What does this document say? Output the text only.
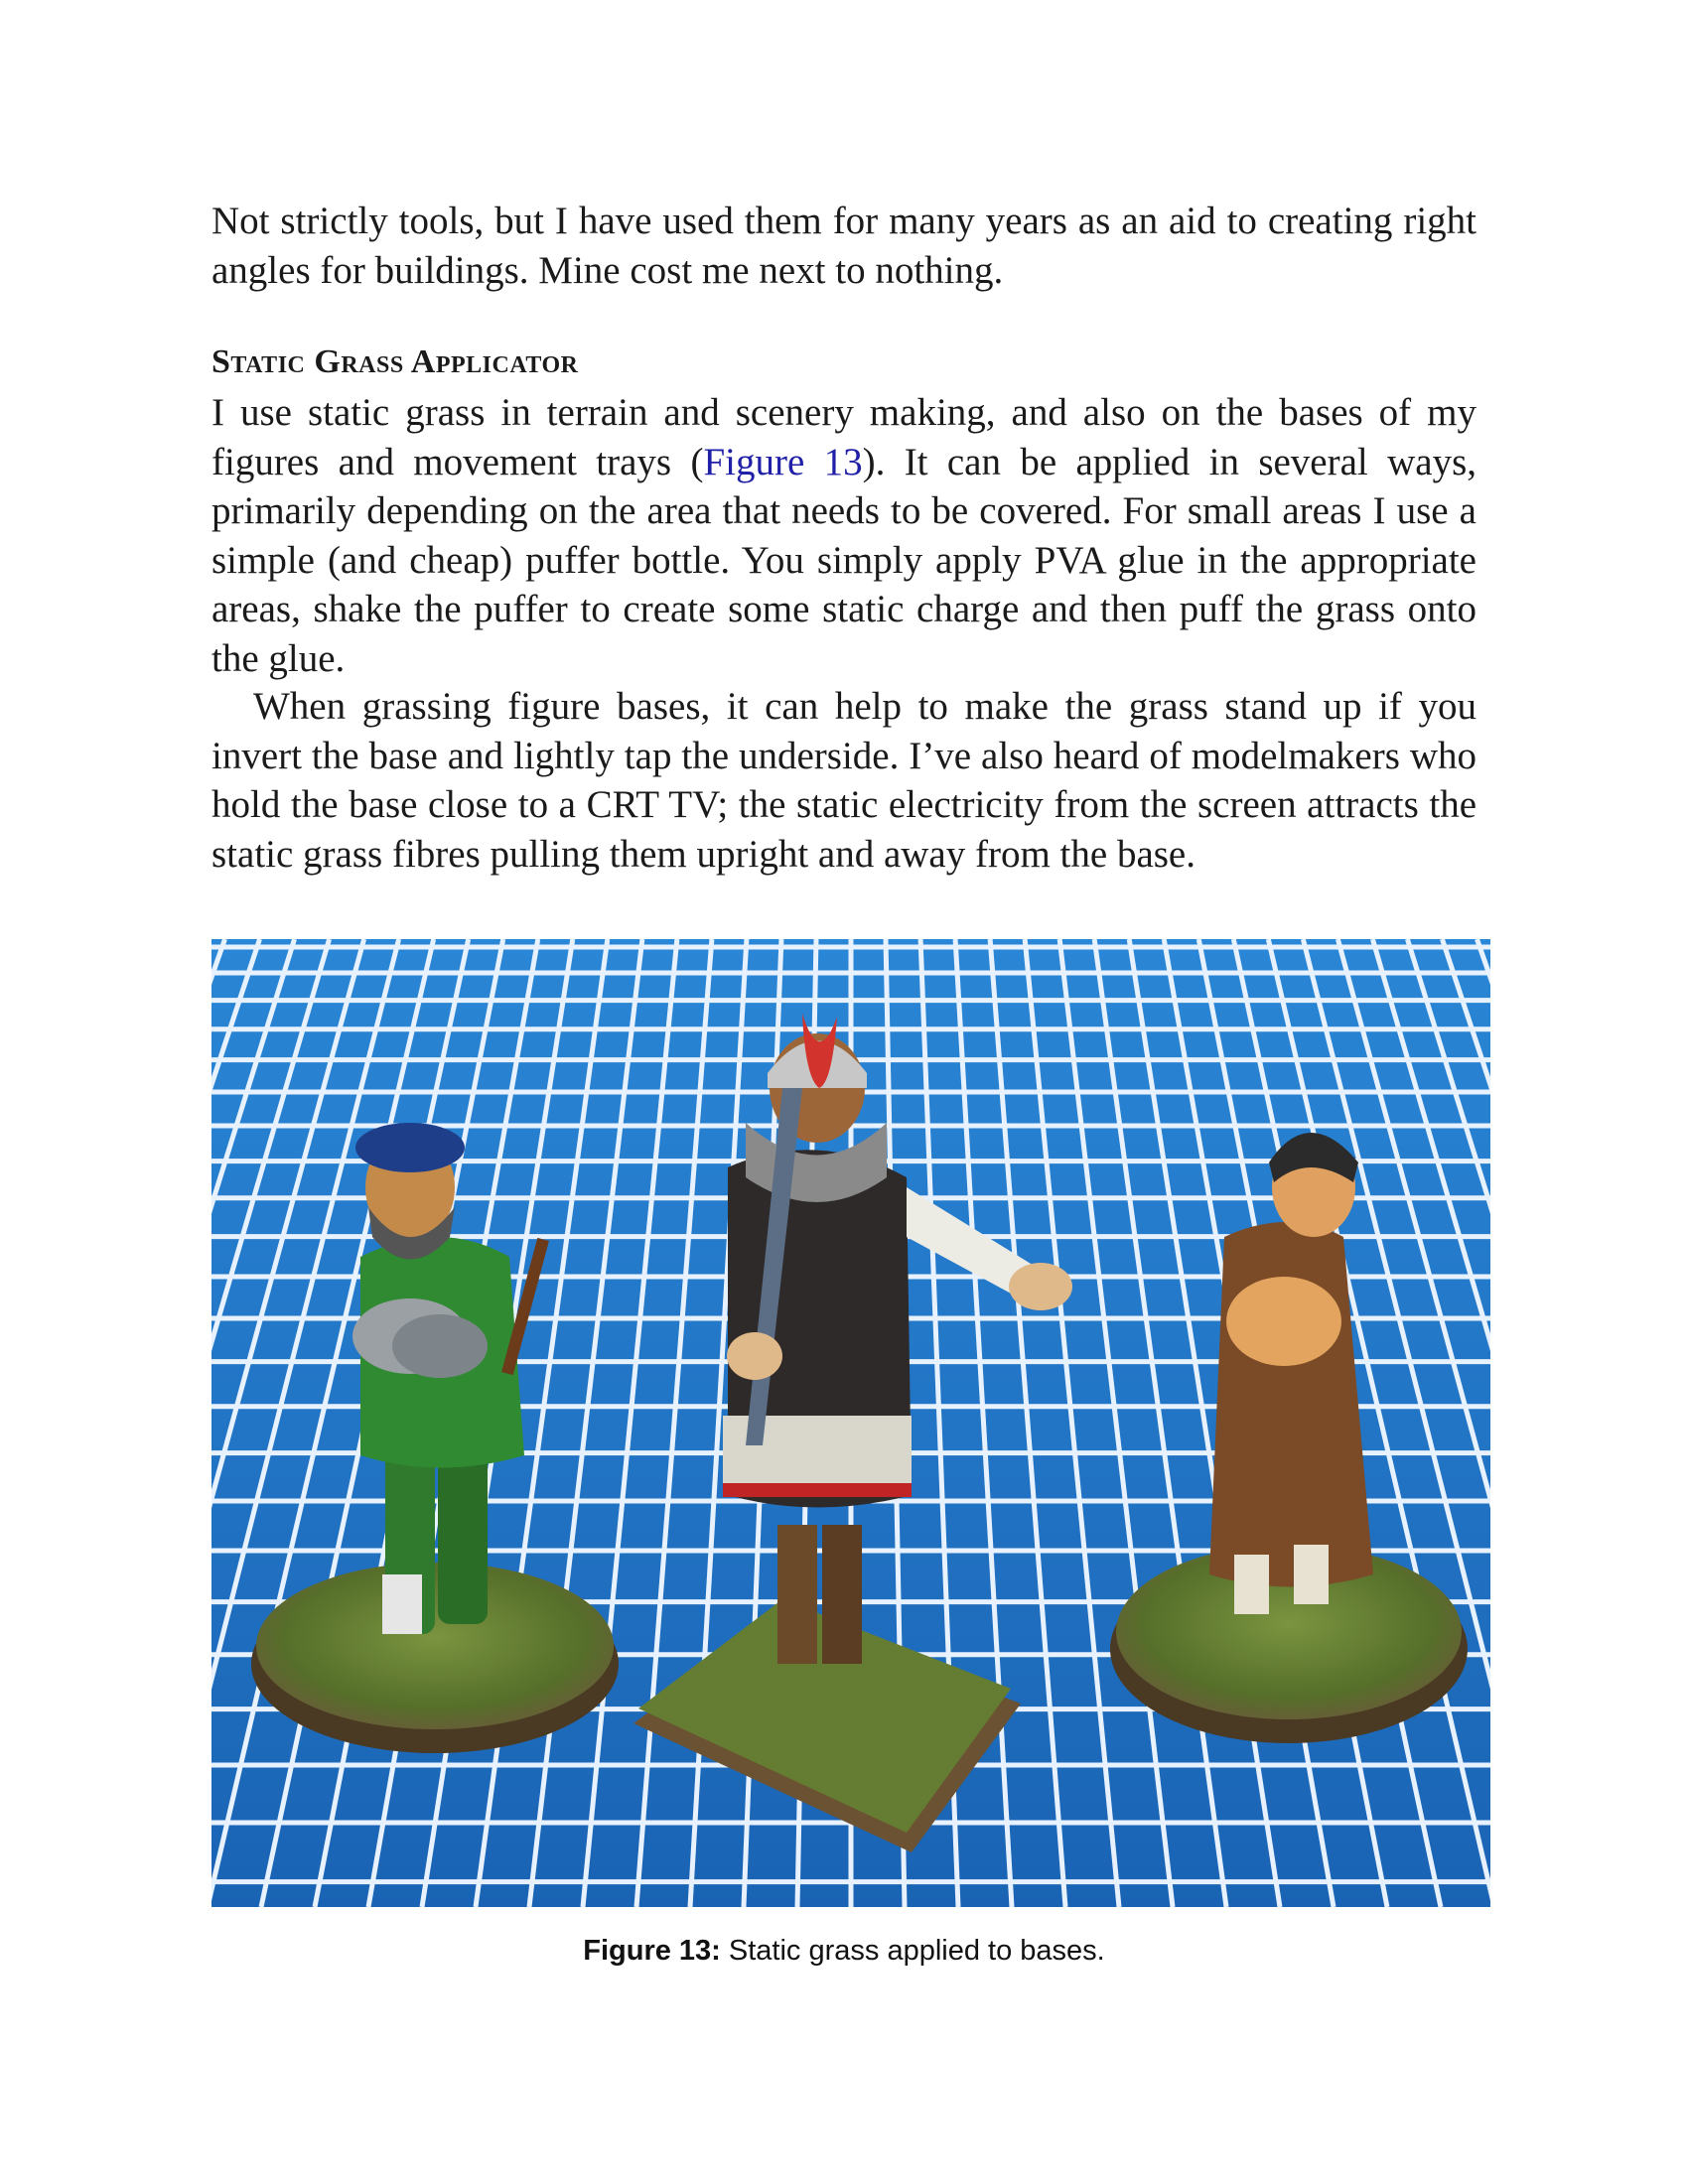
Not strictly tools, but I have used them for many years as an aid to creating right angles for buildings. Mine cost me next to nothing.
Static Grass Applicator
I use static grass in terrain and scenery making, and also on the bases of my figures and movement trays (Figure 13). It can be applied in several ways, primarily depending on the area that needs to be covered. For small areas I use a simple (and cheap) puffer bottle. You simply apply PVA glue in the appropriate areas, shake the puffer to create some static charge and then puff the grass onto the glue.
When grassing figure bases, it can help to make the grass stand up if you invert the base and lightly tap the underside. I’ve also heard of modelmakers who hold the base close to a CRT TV; the static electricity from the screen attracts the static grass fibres pulling them upright and away from the base.
Figure 13: Static grass applied to bases.
